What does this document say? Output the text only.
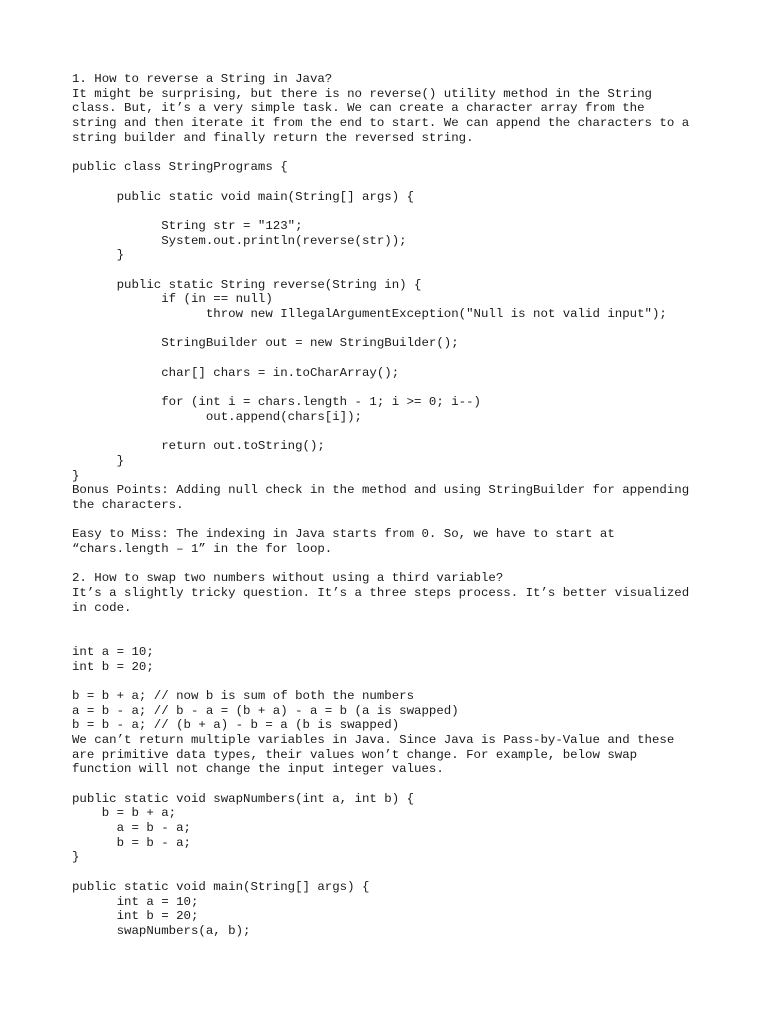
1. How to reverse a String in Java?
It might be surprising, but there is no reverse() utility method in the String
class. But, it’s a very simple task. We can create a character array from the
string and then iterate it from the end to start. We can append the characters to a
string builder and finally return the reversed string.
public class StringPrograms {
public static void main(String[] args) {
String str = "123";
System.out.println(reverse(str));
}
public static String reverse(String in) {
if (in == null)
throw new IllegalArgumentException("Null is not valid input");
StringBuilder out = new StringBuilder();
char[] chars = in.toCharArray();
for (int i = chars.length - 1; i >= 0; i--)
out.append(chars[i]);
return out.toString();
}
}
Bonus Points: Adding null check in the method and using StringBuilder for appending
the characters.
Easy to Miss: The indexing in Java starts from 0. So, we have to start at
“chars.length – 1” in the for loop.
2. How to swap two numbers without using a third variable?
It’s a slightly tricky question. It’s a three steps process. It’s better visualized
in code.
int a = 10;
int b = 20;
b = b + a; // now b is sum of both the numbers
a = b - a; // b - a = (b + a) - a = b (a is swapped)
b = b - a; // (b + a) - b = a (b is swapped)
We can’t return multiple variables in Java. Since Java is Pass-by-Value and these
are primitive data types, their values won’t change. For example, below swap
function will not change the input integer values.
public static void swapNumbers(int a, int b) {
b = b + a;
a = b - a;
b = b - a;
}
public static void main(String[] args) {
int a = 10;
int b = 20;
swapNumbers(a, b);
